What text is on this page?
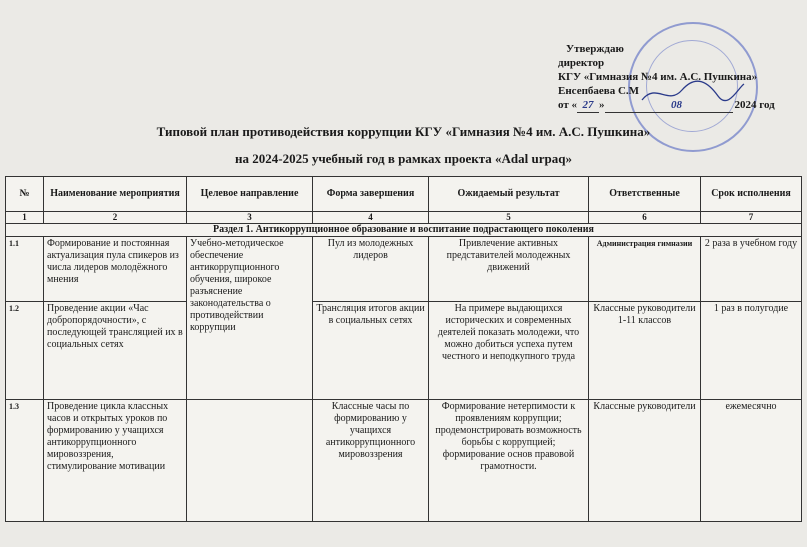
Утверждаю
директор
КГУ «Гимназия №4 им. А.С. Пушкина»
Енсепбаева С.М
от « 27 »	08	2024 год
Типовой план противодействия коррупции КГУ «Гимназия №4 им. А.С. Пушкина»
на 2024-2025 учебный год в рамках проекта «Adal urpaq»
№	Наименование мероприятия	Целевое направление	Форма завершения	Ожидаемый результат	Ответственные	Срок исполнения
1	2	3	4	5	6	7
Раздел 1. Антикоррупционное образование и воспитание подрастающего поколения						
1.1	Формирование и постоянная актуализация пула спикеров из числа лидеров молодёжного мнения	Учебно-методическое обеспечение антикоррупционного обучения, широкое разъяснение законодательства о противодействии коррупции	Пул из молодежных лидеров	Привлечение активных представителей молодежных движений	Администрация гимназии	2 раза в учебном году
1.2	Проведение акции «Час добропорядочности», с последующей трансляцией их в социальных сетях		Трансляция итогов акции в социальных сетях	На примере выдающихся исторических и современных деятелей показать молодежи, что можно добиться успеха путем честного и неподкупного труда	Классные руководители 1-11 классов	1 раз в полугодие
1.3	Проведение цикла классных часов и открытых уроков по формированию у учащихся антикоррупционного мировоззрения, стимулирование мотивации		Классные часы по формированию у учащихся антикоррупционного мировоззрения	Формирование нетерпимости к проявлениям коррупции; продемонстрировать возможность борьбы с коррупцией; формирование основ правовой грамотности.	Классные руководители	ежемесячно
